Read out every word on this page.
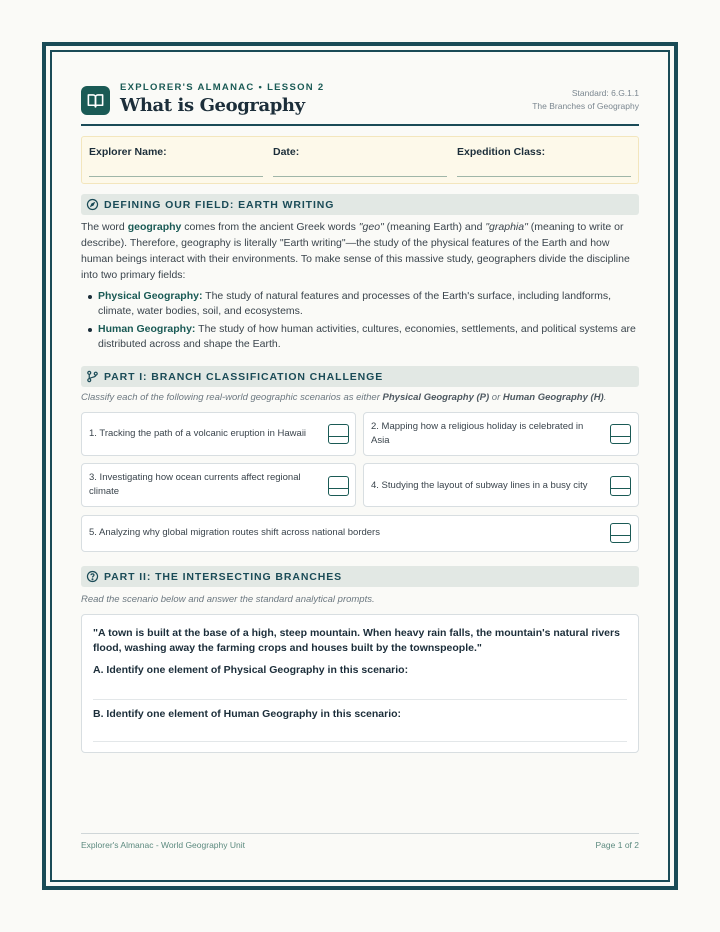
EXPLORER'S ALMANAC • LESSON 2
What is Geography
Standard: 6.G.1.1
The Branches of Geography
Explorer Name:	Date:	Expedition Class:
DEFINING OUR FIELD: EARTH WRITING
The word geography comes from the ancient Greek words "geo" (meaning Earth) and "graphia" (meaning to write or describe). Therefore, geography is literally "Earth writing"—the study of the physical features of the Earth and how human beings interact with their environments. To make sense of this massive study, geographers divide the discipline into two primary fields:
Physical Geography: The study of natural features and processes of the Earth's surface, including landforms, climate, water bodies, soil, and ecosystems.
Human Geography: The study of how human activities, cultures, economies, settlements, and political systems are distributed across and shape the Earth.
PART I: BRANCH CLASSIFICATION CHALLENGE
Classify each of the following real-world geographic scenarios as either Physical Geography (P) or Human Geography (H).
1. Tracking the path of a volcanic eruption in Hawaii
2. Mapping how a religious holiday is celebrated in Asia
3. Investigating how ocean currents affect regional climate
4. Studying the layout of subway lines in a busy city
5. Analyzing why global migration routes shift across national borders
PART II: THE INTERSECTING BRANCHES
Read the scenario below and answer the standard analytical prompts.
"A town is built at the base of a high, steep mountain. When heavy rain falls, the mountain's natural rivers flood, washing away the farming crops and houses built by the townspeople."
A. Identify one element of Physical Geography in this scenario:
B. Identify one element of Human Geography in this scenario:
Explorer's Almanac - World Geography Unit	Page 1 of 2
